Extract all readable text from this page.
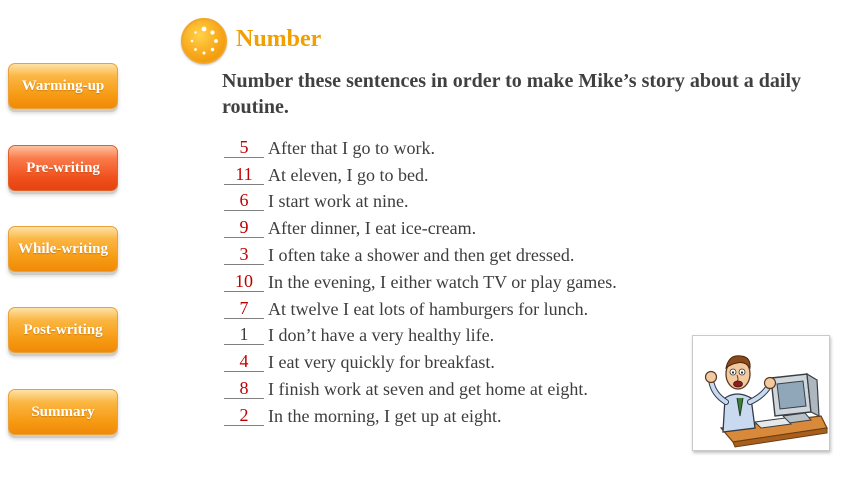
Warming-up
Pre-writing
While-writing
Post-writing
Summary
Number
Number these sentences in order to make Mike’s story about a daily routine.
5	After that I go to work.
11 At eleven, I go to bed.
6	I start work at nine.
9	After dinner, I eat ice-cream.
3	I often take a shower and then get dressed.
10 In the evening, I either watch TV or play games.
7	At twelve I eat lots of hamburgers for lunch.
1	I don’t have a very healthy life.
4	I eat very quickly for breakfast.
8	I finish work at seven and get home at eight.
2	In the morning, I get up at eight.
